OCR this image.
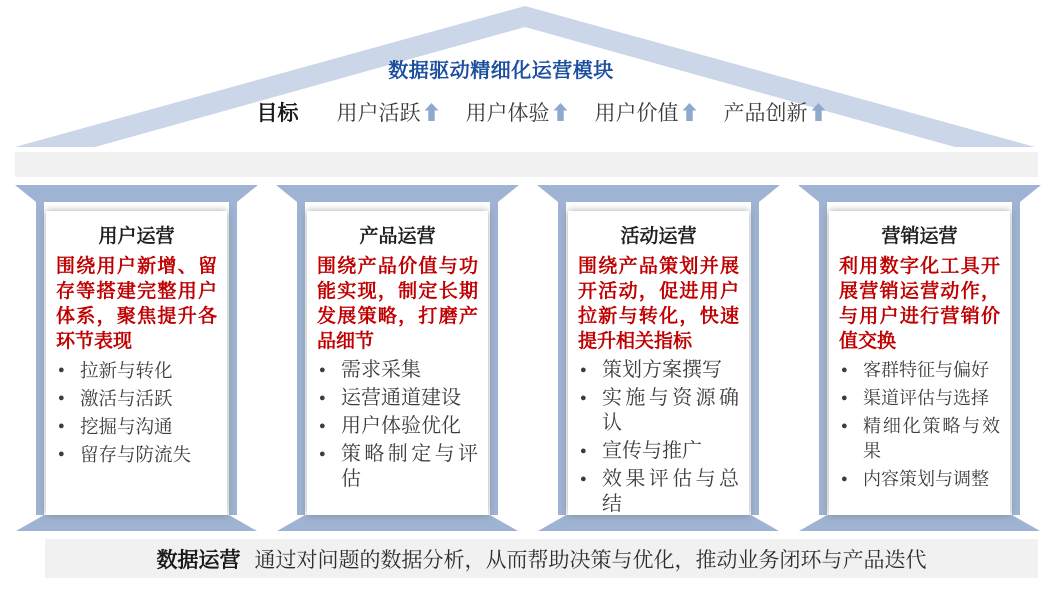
数据驱动精细化运营模块
目标 用户活跃 用户体验 用户价值 产品创新
用户运营
围绕用户新增、留存等搭建完整用户体系，聚焦提升各环节表现
● 拉新与转化
● 激活与活跃
● 挖掘与沟通
● 留存与防流失
产品运营
围绕产品价值与功能实现，制定长期发展策略，打磨产品细节
● 需求采集
● 运营通道建设
● 用户体验优化
● 策略制定与评估
活动运营
围绕产品策划并展开活动，促进用户拉新与转化，快速提升相关指标
● 策划方案撰写
● 实施与资源确认
● 宣传与推广
● 效果评估与总结
营销运营
利用数字化工具开展营销运营动作，与用户进行营销价值交换
● 客群特征与偏好
● 渠道评估与选择
● 精细化策略与效果
● 内容策划与调整
数据运营 通过对问题的数据分析，从而帮助决策与优化，推动业务闭环与产品迭代
